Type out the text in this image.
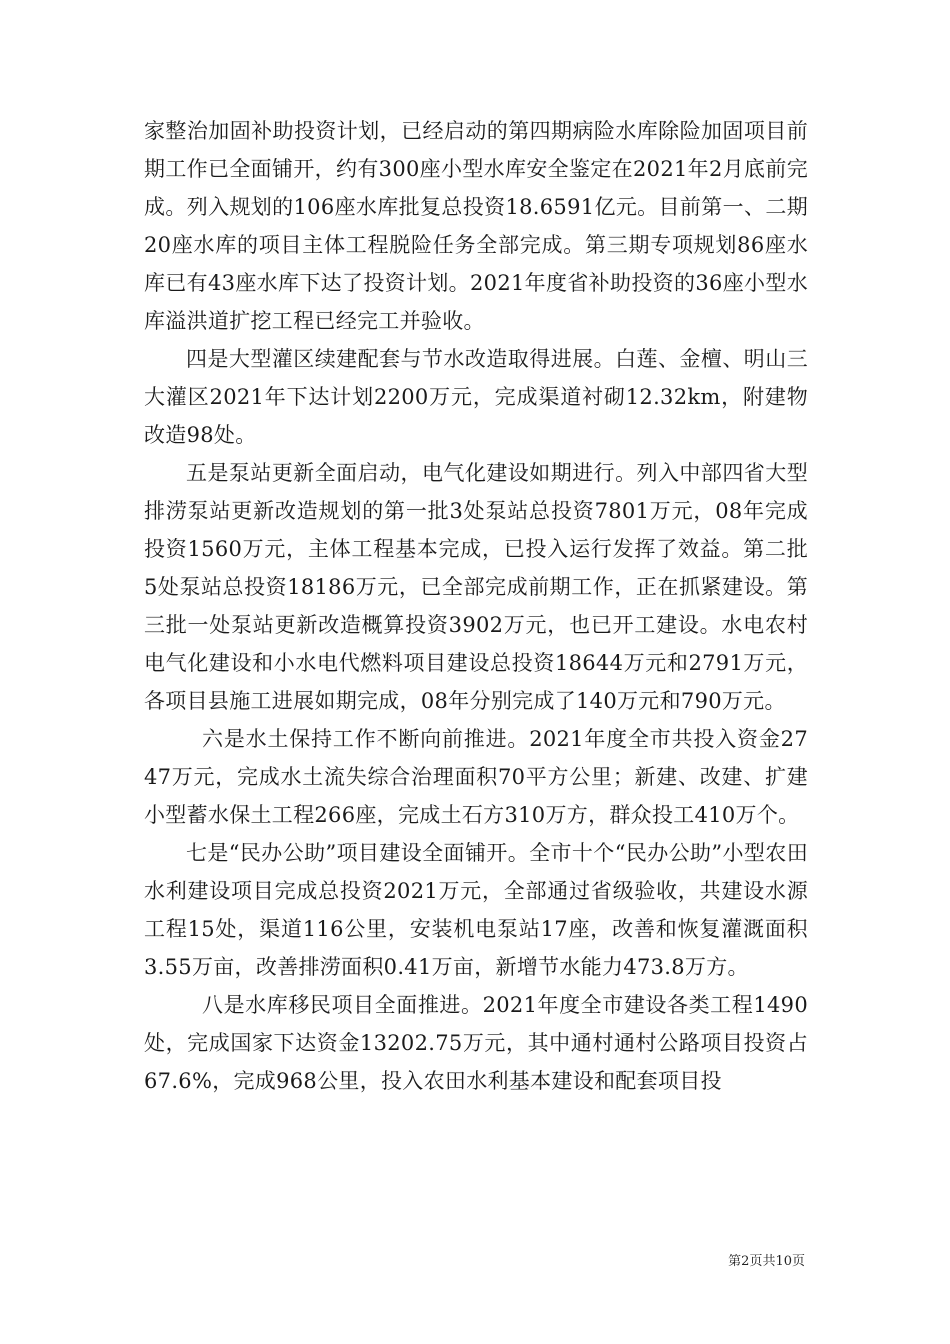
家整治加固补助投资计划，已经启动的第四期病险水库除险加固项目前期工作已全面铺开，约有300座小型水库安全鉴定在2021年2月底前完成。列入规划的106座水库批复总投资18.6591亿元。目前第一、二期20座水库的项目主体工程脱险任务全部完成。第三期专项规划86座水库已有43座水库下达了投资计划。2021年度省补助投资的36座小型水库溢洪道扩挖工程已经完工并验收。

四是大型灌区续建配套与节水改造取得进展。白莲、金檀、明山三大灌区2021年下达计划2200万元，完成渠道衬砌12.32km，附建物改造98处。

五是泵站更新全面启动，电气化建设如期进行。列入中部四省大型排涝泵站更新改造规划的第一批3处泵站总投资7801万元，08年完成投资1560万元，主体工程基本完成，已投入运行发挥了效益。第二批5处泵站总投资18186万元，已全部完成前期工作，正在抓紧建设。第三批一处泵站更新改造概算投资3902万元，也已开工建设。水电农村电气化建设和小水电代燃料项目建设总投资18644万元和2791万元，各项目县施工进展如期完成，08年分别完成了140万元和790万元。

六是水土保持工作不断向前推进。2021年度全市共投入资金2747万元，完成水土流失综合治理面积70平方公里；新建、改建、扩建小型蓄水保土工程266座，完成土石方310万方，群众投工410万个。

七是“民办公助”项目建设全面铺开。全市十个“民办公助”小型农田水利建设项目完成总投资2021万元，全部通过省级验收，共建设水源工程15处，渠道116公里，安装机电泵站17座，改善和恢复灌溉面积3.55万亩，改善排涝面积0.41万亩，新增节水能力473.8万方。

八是水库移民项目全面推进。2021年度全市建设各类工程1490处，完成国家下达资金13202.75万元，其中通村通村公路项目投资占67.6%，完成968公里，投入农田水利基本建设和配套项目投

第2页共10页
